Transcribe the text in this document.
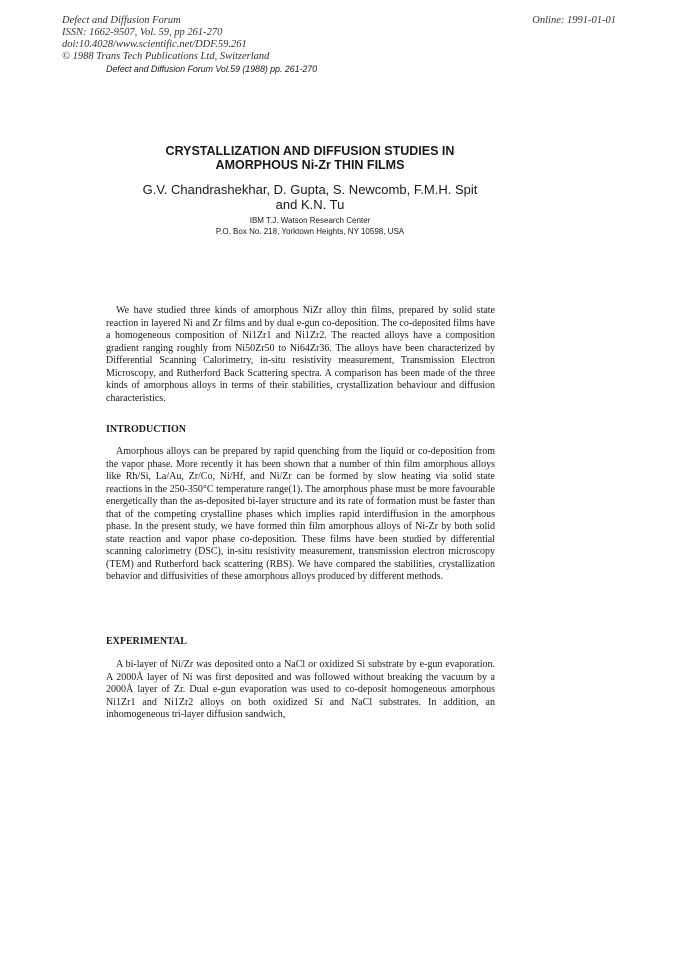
Defect and Diffusion Forum
ISSN: 1662-9507, Vol. 59, pp 261-270
doi:10.4028/www.scientific.net/DDF.59.261
© 1988 Trans Tech Publications Ltd, Switzerland
Online: 1991-01-01
Defect and Diffusion Forum Vol.59 (1988) pp. 261-270
CRYSTALLIZATION AND DIFFUSION STUDIES IN
AMORPHOUS Ni-Zr THIN FILMS
G.V. Chandrashekhar, D. Gupta, S. Newcomb, F.M.H. Spit
and K.N. Tu
IBM T.J. Watson Research Center
P.O. Box No. 218, Yorktown Heights, NY 10598, USA

We have studied three kinds of amorphous NiZr alloy thin films, prepared by solid state reaction in layered Ni and Zr films and by dual e-gun co-deposition. The co-deposited films have a homogeneous composition of Ni1Zr1 and Ni1Zr2. The reacted alloys have a composition gradient ranging roughly from Ni50Zr50 to Ni64Zr36. The alloys have been characterized by Differential Scanning Calorimetry, in-situ resistivity measurement, Transmission Electron Microscopy, and Rutherford Back Scattering spectra. A comparison has been made of the three kinds of amorphous alloys in terms of their stabilities, crystallization behaviour and diffusion characteristics.

INTRODUCTION

Amorphous alloys can be prepared by rapid quenching from the liquid or co-deposition from the vapor phase. More recently it has been shown that a number of thin film amorphous alloys like Rh/Si, La/Au, Zr/Co, Ni/Hf, and Ni/Zr can be formed by slow heating via solid state reactions in the 250-350°C temperature range(1). The amorphous phase must be more favourable energetically than the as-deposited bi-layer structure and its rate of formation must be faster than that of the competing crystalline phases which implies rapid interdiffusion in the amorphous phase. In the present study, we have formed thin film amorphous alloys of Ni-Zr by both solid state reaction and vapor phase co-deposition. These films have been studied by differential scanning calorimetry (DSC), in-situ resistivity measurement, transmission electron microscopy (TEM) and Rutherford back scattering (RBS). We have compared the stabilities, crystallization behavior and diffusivities of these amorphous alloys produced by different methods.

EXPERIMENTAL

A bi-layer of Ni/Zr was deposited onto a NaCl or oxidized Si substrate by e-gun evaporation. A 2000Å layer of Ni was first deposited and was followed without breaking the vacuum by a 2000Å layer of Zr. Dual e-gun evaporation was used to co-deposit homogeneous amorphous Ni1Zr1 and Ni1Zr2 alloys on both oxidized Si and NaCl substrates. In addition, an inhomogeneous tri-layer diffusion sandwich,
